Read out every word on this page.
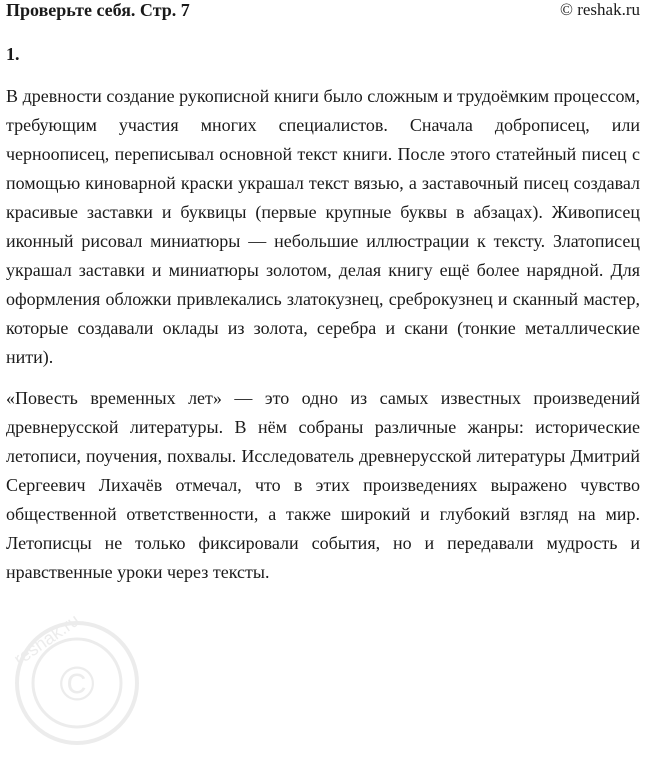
Проверьте себя. Стр. 7	© reshak.ru
1.

В древности создание рукописной книги было сложным и трудоёмким процессом, требующим участия многих специалистов. Сначала доброписец, или черноописец, переписывал основной текст книги. После этого статейный писец с помощью киноварной краски украшал текст вязью, а заставочный писец создавал красивые заставки и буквицы (первые крупные буквы в абзацах). Живописец иконный рисовал миниатюры — небольшие иллюстрации к тексту. Златописец украшал заставки и миниатюры золотом, делая книгу ещё более нарядной. Для оформления обложки привлекались златокузнец, среброкузнец и сканный мастер, которые создавали оклады из золота, серебра и скани (тонкие металлические нити).

«Повесть временных лет» — это одно из самых известных произведений древнерусской литературы. В нём собраны различные жанры: исторические летописи, поучения, похвалы. Исследователь древнерусской литературы Дмитрий Сергеевич Лихачёв отмечал, что в этих произведениях выражено чувство общественной ответственности, а также широкий и глубокий взгляд на мир. Летописцы не только фиксировали события, но и передавали мудрость и нравственные уроки через тексты.

©
reshak.ru
